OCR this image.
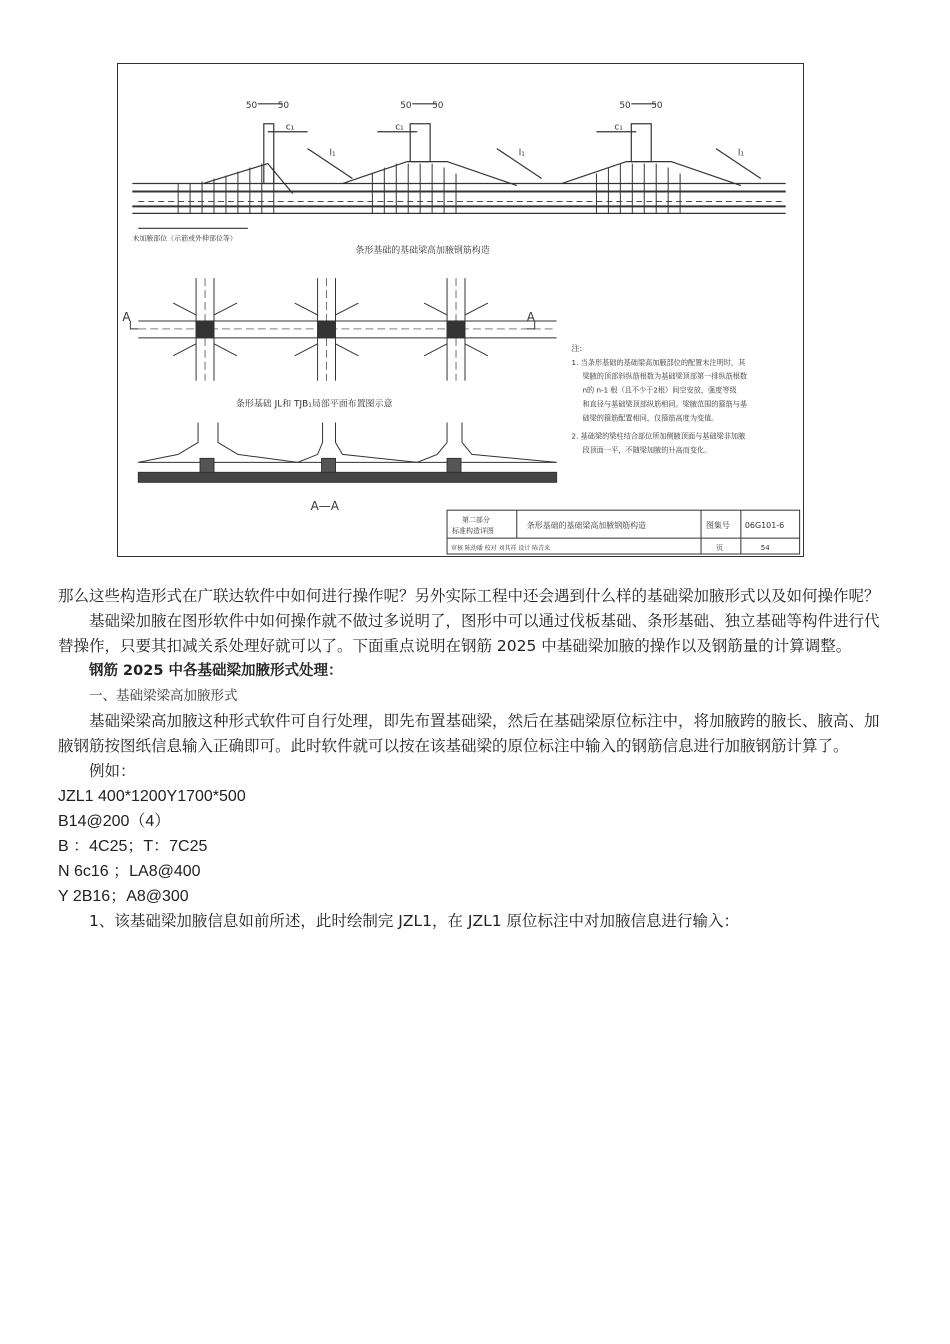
50 50	50 50	50 50
c₁	c₁	c₁
l₁	l₁	l₁
未加腋部位（示筋或外伸部位等）
条形基础的基础梁高加腋钢筋构造
A	A
条形基础 JL和 TJB₁局部平面布置图示意
A—A
注:
1. 当条形基础的基础梁高加腋部位的配置未注明时，其
梁腋的顶部斜纵筋根数为基础梁顶部第一排纵筋根数
n的 n-1 根（且不少于2根）间空安放，强度等级
和直径与基础梁顶部纵筋相同。梁腋范围的箍筋与基
础梁的箍筋配置相同，仅箍筋高度为变值。
2. 基础梁的梁柱结合部位所加侧腋顶面与基础梁非加腋
段顶面一平，不随梁加腋的升高而变化。
第二部分
标准构造详图
条形基础的基础梁高加腋钢筋构造	图集号 06G101-6
审核 陈幼璠 校对 刘其祥 设计 陈青来	页	54

那么这些构造形式在广联达软件中如何进行操作呢？另外实际工程中还会遇到什么样的基础梁加腋形式以及如何操作呢？

基础梁加腋在图形软件中如何操作就不做过多说明了，图形中可以通过伐板基础、条形基础、独立基础等构件进行代替操作，只要其扣减关系处理好就可以了。下面重点说明在钢筋 2025 中基础梁加腋的操作以及钢筋量的计算调整。

钢筋 2025 中各基础梁加腋形式处理：

一、基础梁梁高加腋形式

基础梁梁高加腋这种形式软件可自行处理，即先布置基础梁，然后在基础梁原位标注中，将加腋跨的腋长、腋高、加腋钢筋按图纸信息输入正确即可。此时软件就可以按在该基础梁的原位标注中输入的钢筋信息进行加腋钢筋计算了。

例如：

JZL1 400*1200Y1700*500

B14@200（4）

B ：4C25；T：7C25

N 6c16 ；LA8@400

Y 2B16；A8@300

1、该基础梁加腋信息如前所述，此时绘制完 JZL1，在 JZL1 原位标注中对加腋信息进行输入：
